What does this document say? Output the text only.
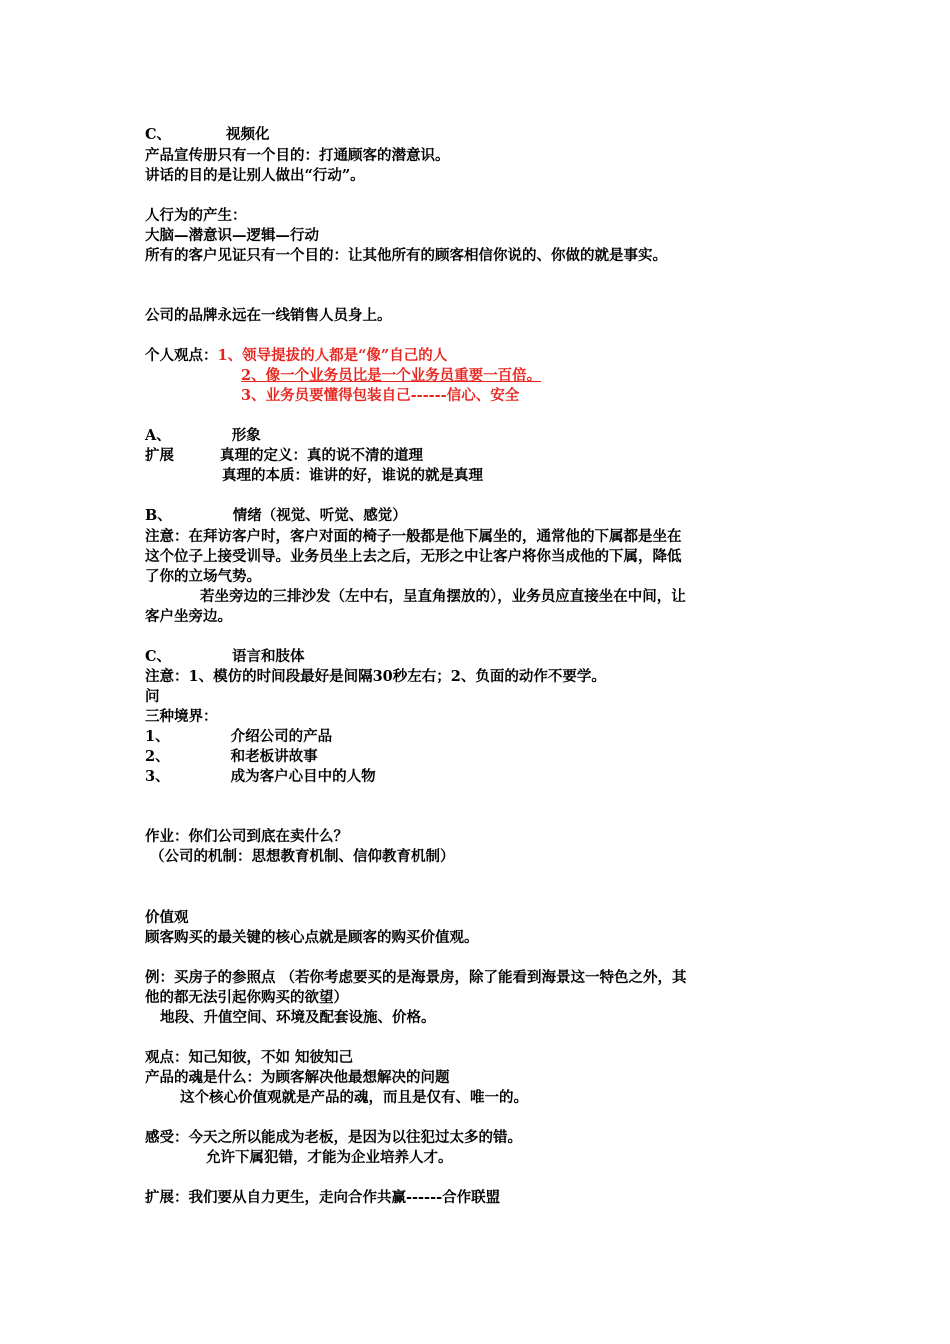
C、	视频化
产品宣传册只有一个目的：打通顾客的潜意识。
讲话的目的是让别人做出“行动”。
人行为的产生：
大脑—潜意识—逻辑—行动
所有的客户见证只有一个目的：让其他所有的顾客相信你说的、你做的就是事实。
公司的品牌永远在一线销售人员身上。
个人观点：1、领导提拔的人都是“像”自己的人
2、像一个业务员比是一个业务员重要一百倍。
3、业务员要懂得包装自己------信心、安全
A、	形象
扩展	真理的定义：真的说不清的道理
真理的本质：谁讲的好，谁说的就是真理
B、	情绪（视觉、听觉、感觉）
注意：在拜访客户时，客户对面的椅子一般都是他下属坐的，通常他的下属都是坐在
这个位子上接受训导。业务员坐上去之后，无形之中让客户将你当成他的下属，降低
了你的立场气势。
若坐旁边的三排沙发（左中右，呈直角摆放的），业务员应直接坐在中间，让
客户坐旁边。
C、	语言和肢体
注意：1、模仿的时间段最好是间隔30秒左右；2、负面的动作不要学。
问
三种境界：
1、	介绍公司的产品
2、	和老板讲故事
3、	成为客户心目中的人物
作业：你们公司到底在卖什么？
（公司的机制：思想教育机制、信仰教育机制）
价值观
顾客购买的最关键的核心点就是顾客的购买价值观。
例：买房子的参照点 （若你考虑要买的是海景房，除了能看到海景这一特色之外，其
他的都无法引起你购买的欲望）
地段、升值空间、环境及配套设施、价格。
观点：知己知彼，不如 知彼知己
产品的魂是什么：为顾客解决他最想解决的问题
这个核心价值观就是产品的魂，而且是仅有、唯一的。
感受：今天之所以能成为老板，是因为以往犯过太多的错。
允许下属犯错，才能为企业培养人才。
扩展：我们要从自力更生，走向合作共赢------合作联盟
